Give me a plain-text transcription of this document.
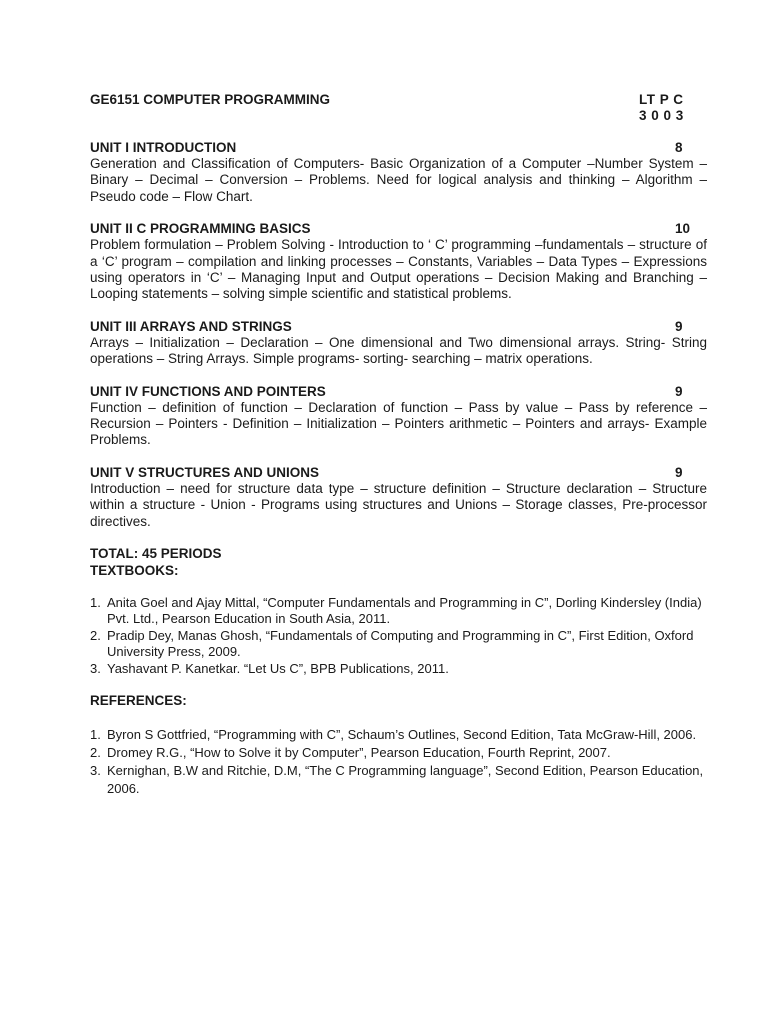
GE6151 COMPUTER PROGRAMMING	LT P C
3 0 0 3
UNIT I INTRODUCTION	8

Generation and Classification of Computers- Basic Organization of a Computer –Number System – Binary – Decimal – Conversion – Problems. Need for logical analysis and thinking – Algorithm – Pseudo code – Flow Chart.

UNIT II C PROGRAMMING BASICS	10

Problem formulation – Problem Solving - Introduction to ‘ C’ programming –fundamentals – structure of a ‘C’ program – compilation and linking processes – Constants, Variables – Data Types – Expressions using operators in ‘C’ – Managing Input and Output operations – Decision Making and Branching – Looping statements – solving simple scientific and statistical problems.

UNIT III ARRAYS AND STRINGS	9

Arrays – Initialization – Declaration – One dimensional and Two dimensional arrays. String- String operations – String Arrays. Simple programs- sorting- searching – matrix operations.

UNIT IV FUNCTIONS AND POINTERS	9

Function – definition of function – Declaration of function – Pass by value – Pass by reference – Recursion – Pointers - Definition – Initialization – Pointers arithmetic – Pointers and arrays- Example Problems.

UNIT V STRUCTURES AND UNIONS	9

Introduction – need for structure data type – structure definition – Structure declaration – Structure within a structure - Union - Programs using structures and Unions – Storage classes, Pre-processor directives.

TOTAL: 45 PERIODS
TEXTBOOKS:
1. Anita Goel and Ajay Mittal, “Computer Fundamentals and Programming in C”, Dorling Kindersley (India) Pvt. Ltd., Pearson Education in South Asia, 2011.
2. Pradip Dey, Manas Ghosh, “Fundamentals of Computing and Programming in C”, First Edition, Oxford University Press, 2009.
3. Yashavant P. Kanetkar. “Let Us C”, BPB Publications, 2011.
REFERENCES:
1. Byron S Gottfried, “Programming with C”, Schaum’s Outlines, Second Edition, Tata McGraw-Hill, 2006.
2. Dromey R.G., “How to Solve it by Computer”, Pearson Education, Fourth Reprint, 2007.
3. Kernighan, B.W and Ritchie, D.M, “The C Programming language”, Second Edition, Pearson Education, 2006.
